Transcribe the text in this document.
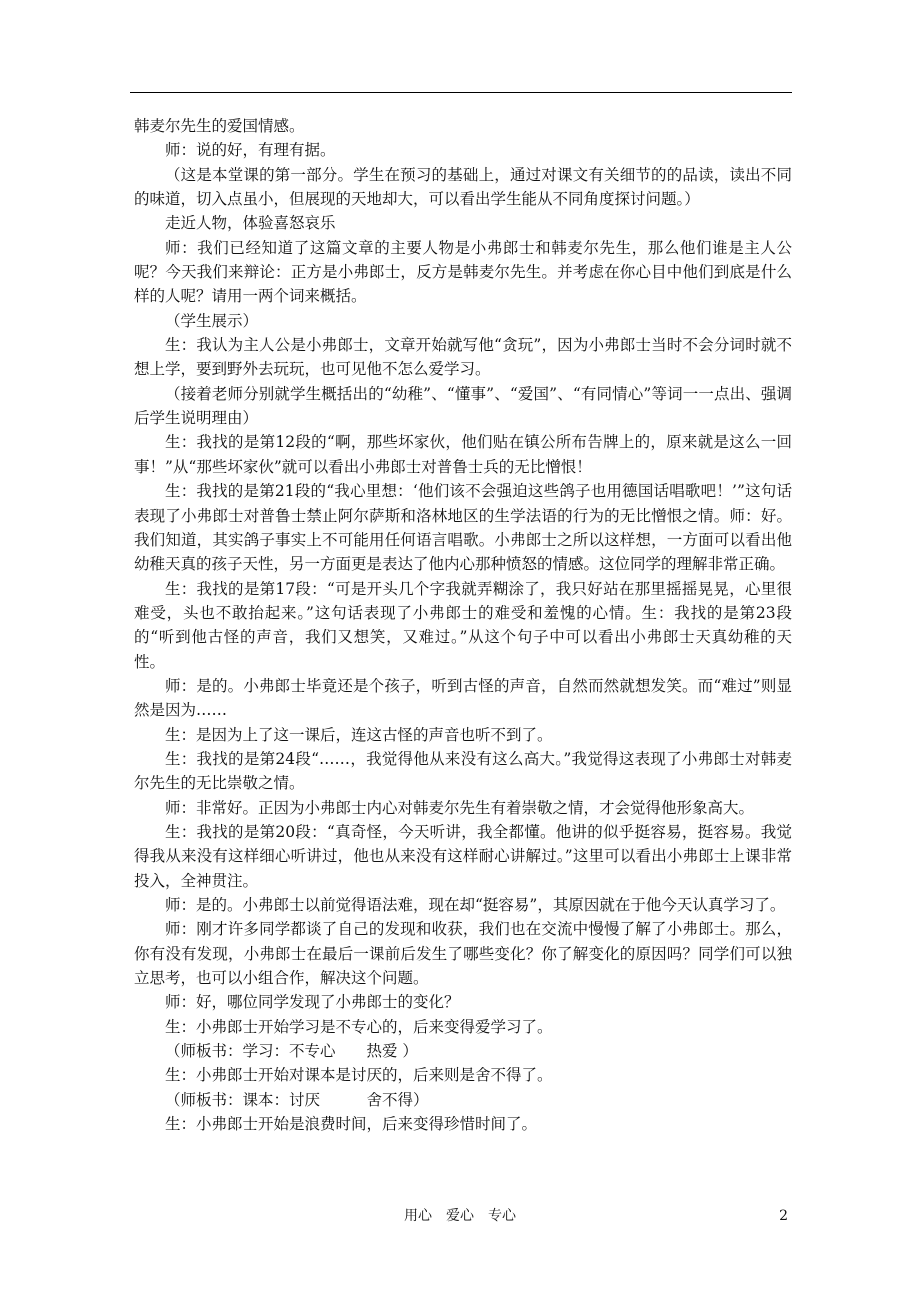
韩麦尔先生的爱国情感。

师：说的好，有理有据。

（这是本堂课的第一部分。学生在预习的基础上，通过对课文有关细节的的品读，读出不同的味道，切入点虽小，但展现的天地却大，可以看出学生能从不同角度探讨问题。）

走近人物，体验喜怒哀乐

师：我们已经知道了这篇文章的主要人物是小弗郎士和韩麦尔先生，那么他们谁是主人公呢？今天我们来辩论：正方是小弗郎士，反方是韩麦尔先生。并考虑在你心目中他们到底是什么样的人呢？请用一两个词来概括。

（学生展示）

生：我认为主人公是小弗郎士，文章开始就写他“贪玩”，因为小弗郎士当时不会分词时就不想上学，要到野外去玩玩，也可见他不怎么爱学习。

（接着老师分别就学生概括出的“幼稚”、“懂事”、“爱国”、“有同情心”等词一一点出、强调后学生说明理由）

生：我找的是第12段的“啊，那些坏家伙，他们贴在镇公所布告牌上的，原来就是这么一回事！”从“那些坏家伙”就可以看出小弗郎士对普鲁士兵的无比憎恨！

生：我找的是第21段的“我心里想：‘他们该不会强迫这些鸽子也用德国话唱歌吧！’”这句话表现了小弗郎士对普鲁士禁止阿尔萨斯和洛林地区的生学法语的行为的无比憎恨之情。师：好。我们知道，其实鸽子事实上不可能用任何语言唱歌。小弗郎士之所以这样想，一方面可以看出他幼稚天真的孩子天性，另一方面更是表达了他内心那种愤怒的情感。这位同学的理解非常正确。

生：我找的是第17段：“可是开头几个字我就弄糊涂了，我只好站在那里摇摇晃晃，心里很难受，头也不敢抬起来。”这句话表现了小弗郎士的难受和羞愧的心情。生：我找的是第23段的“听到他古怪的声音，我们又想笑，又难过。”从这个句子中可以看出小弗郎士天真幼稚的天性。

师：是的。小弗郎士毕竟还是个孩子，听到古怪的声音，自然而然就想发笑。而“难过”则显然是因为……

生：是因为上了这一课后，连这古怪的声音也听不到了。

生：我找的是第24段“……，我觉得他从来没有这么高大。”我觉得这表现了小弗郎士对韩麦尔先生的无比崇敬之情。

师：非常好。正因为小弗郎士内心对韩麦尔先生有着崇敬之情，才会觉得他形象高大。

生：我找的是第20段：“真奇怪，今天听讲，我全都懂。他讲的似乎挺容易，挺容易。我觉得我从来没有这样细心听讲过，他也从来没有这样耐心讲解过。”这里可以看出小弗郎士上课非常投入，全神贯注。

师：是的。小弗郎士以前觉得语法难，现在却“挺容易”，其原因就在于他今天认真学习了。

师：刚才许多同学都谈了自己的发现和收获，我们也在交流中慢慢了解了小弗郎士。那么，你有没有发现，小弗郎士在最后一课前后发生了哪些变化？你了解变化的原因吗？同学们可以独立思考，也可以小组合作，解决这个问题。

师：好，哪位同学发现了小弗郎士的变化？

生：小弗郎士开始学习是不专心的，后来变得爱学习了。

（师板书：学习：不专心　　热爱 ）

生：小弗郎士开始对课本是讨厌的，后来则是舍不得了。

（师板书：课本：讨厌　　　舍不得）

生：小弗郎士开始是浪费时间，后来变得珍惜时间了。

用心　爱心　专心	2
